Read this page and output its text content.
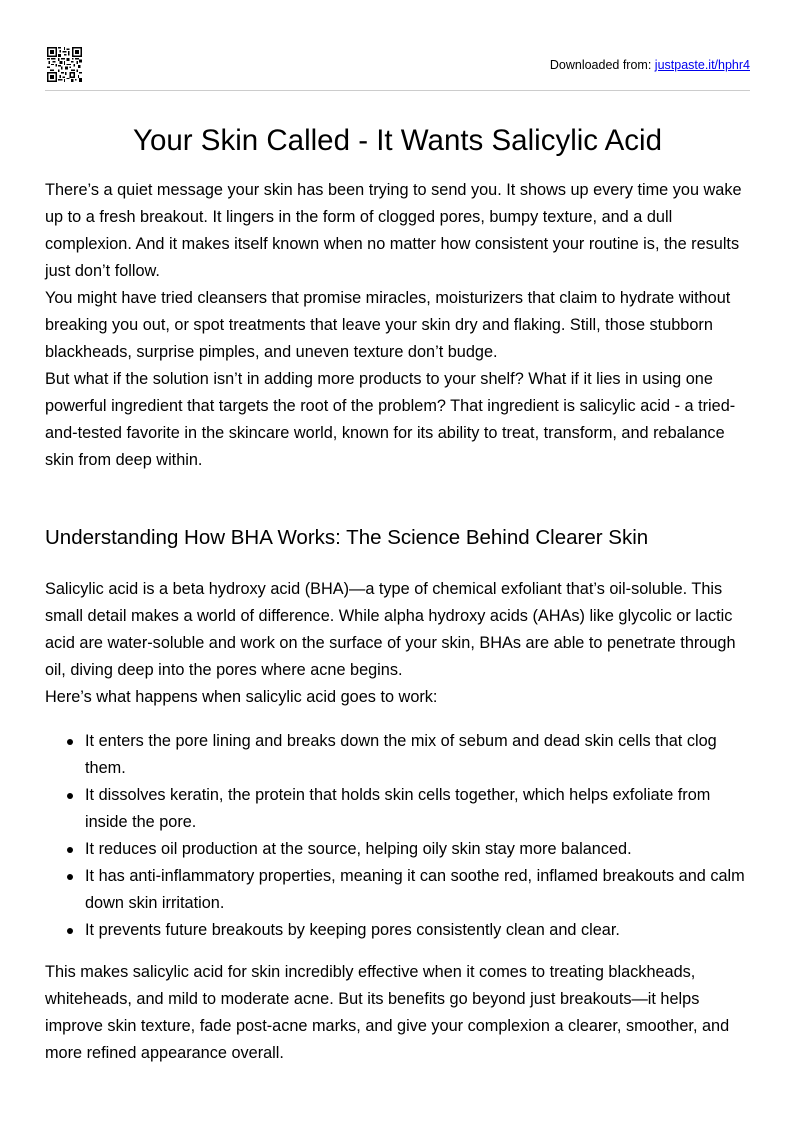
Downloaded from: justpaste.it/hphr4
Your Skin Called - It Wants Salicylic Acid

There’s a quiet message your skin has been trying to send you. It shows up every time you wake up to a fresh breakout. It lingers in the form of clogged pores, bumpy texture, and a dull complexion. And it makes itself known when no matter how consistent your routine is, the results just don’t follow.

You might have tried cleansers that promise miracles, moisturizers that claim to hydrate without breaking you out, or spot treatments that leave your skin dry and flaking. Still, those stubborn blackheads, surprise pimples, and uneven texture don’t budge.

But what if the solution isn’t in adding more products to your shelf? What if it lies in using one powerful ingredient that targets the root of the problem? That ingredient is salicylic acid - a tried-and-tested favorite in the skincare world, known for its ability to treat, transform, and rebalance skin from deep within.

Understanding How BHA Works: The Science Behind Clearer Skin

Salicylic acid is a beta hydroxy acid (BHA)—a type of chemical exfoliant that’s oil-soluble. This small detail makes a world of difference. While alpha hydroxy acids (AHAs) like glycolic or lactic acid are water-soluble and work on the surface of your skin, BHAs are able to penetrate through oil, diving deep into the pores where acne begins.

Here’s what happens when salicylic acid goes to work:

It enters the pore lining and breaks down the mix of sebum and dead skin cells that clog them.
It dissolves keratin, the protein that holds skin cells together, which helps exfoliate from inside the pore.
It reduces oil production at the source, helping oily skin stay more balanced.
It has anti-inflammatory properties, meaning it can soothe red, inflamed breakouts and calm down skin irritation.
It prevents future breakouts by keeping pores consistently clean and clear.

This makes salicylic acid for skin incredibly effective when it comes to treating blackheads, whiteheads, and mild to moderate acne. But its benefits go beyond just breakouts—it helps improve skin texture, fade post-acne marks, and give your complexion a clearer, smoother, and more refined appearance overall.
